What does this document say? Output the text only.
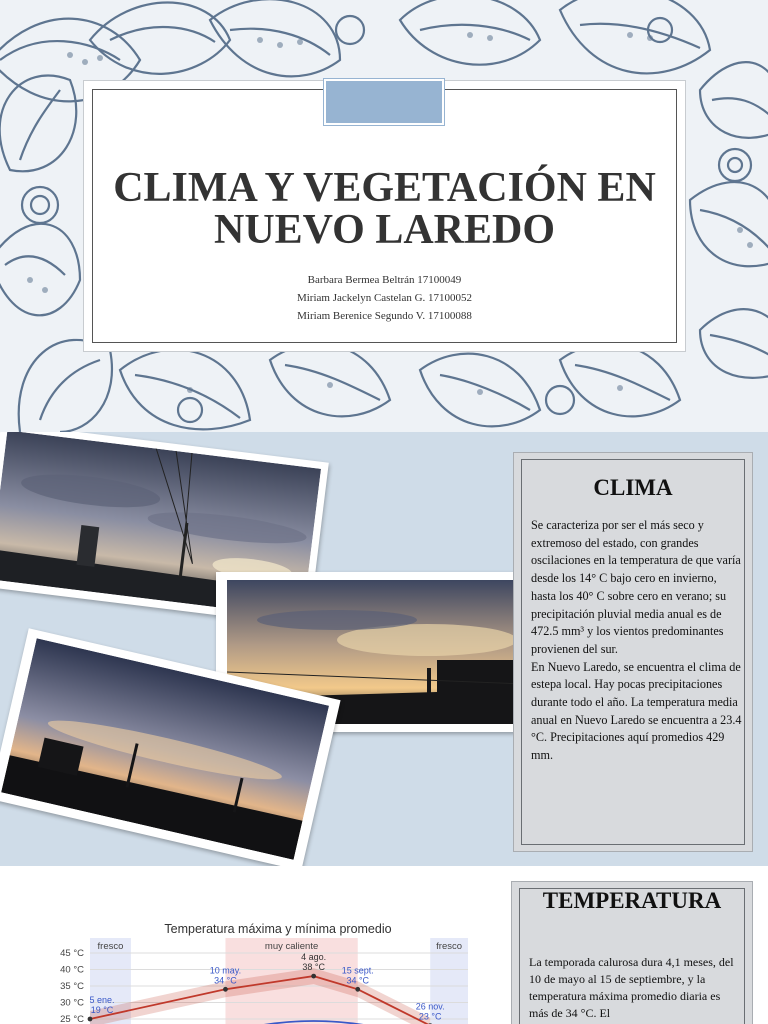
CLIMA Y VEGETACIÓN EN
NUEVO LAREDO
Barbara Bermea Beltrán 17100049
Miriam Jackelyn Castelan G. 17100052
Miriam Berenice Segundo V. 17100088
CLIMA

Se caracteriza por ser el más seco y extremoso del estado, con grandes oscilaciones en la temperatura de que varía desde los 14° C bajo cero en invierno, hasta los 40° C sobre cero en verano; su precipitación pluvial media anual es de 472.5 mm³ y los vientos predominantes provienen del sur.

En Nuevo Laredo, se encuentra el clima de estepa local. Hay pocas precipitaciones durante todo el año. La temperatura media anual en Nuevo Laredo se encuentra a 23.4 °C. Precipitaciones aquí promedios 429 mm.

Temperatura máxima y mínima promedio
fresco	muy caliente	fresco
45 °C
40 °C
35 °C
30 °C
25 °C
5 ene.
19 °C
10 may.
34 °C
4 ago.
38 °C 15 sept.
34 °C
26 nov.
23 °C
TEMPERATURA
La temporada calurosa dura 4,1 meses, del 10 de mayo al 15 de septiembre, y la temperatura máxima promedio diaria es más de 34 °C. El
